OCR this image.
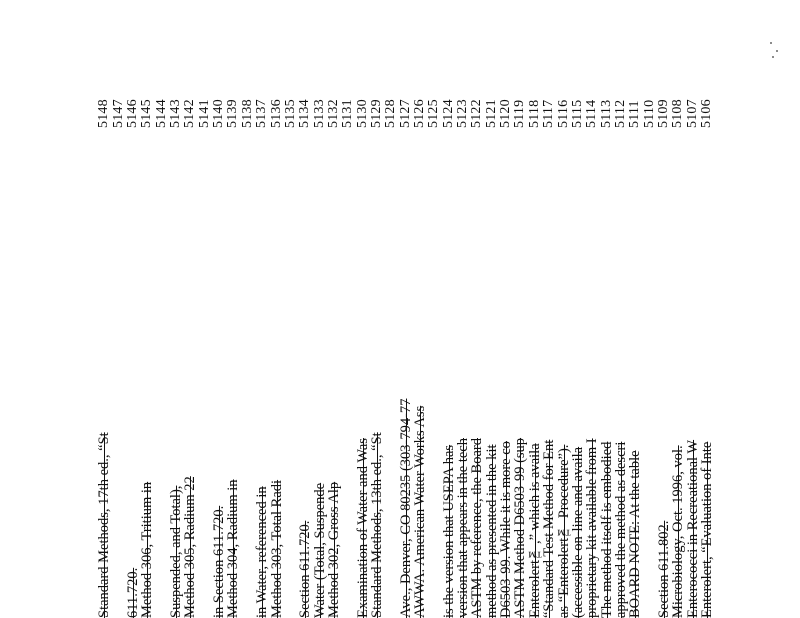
5106
5107
5108
5109
5110
5111
5112
5113
5114
5115
5116
5117
5118
5119
5120
5121
5122
5123
5124
5125
5126
5127
5128
5129
5130
5131
5132
5133
5134
5135
5136
5137
5138
5139
5140
5141
5142
5143
5144
5145
5146
5147
5148
Enterolert, “Evaluation of Inte
Enterococci in Recreational W
Microbiology, Oct. 1996, vol.
Section 611.802.
BOARD NOTE: At the table
approved the method as descri
The method itself is embodied
proprietary kit available from I
(accessible on-line and availa
as “Enterolert™ Procedure”).
“Standard Test Method for Ent
Enterolert™,” which is availa
ASTM Method D6503-99 (sup
D6503-99. While it is more co
method as presented in the kit
ASTM by reference, the Board
version that appears in the tech
is the version that USEPA has
AWWA. American Water Works Ass
Ave., Denver, CO 80235 (303-794-77
Standard Methods, 13th ed., “St
Examination of Water and Was
Method 302, Gross Alp
Water (Total, Suspende
Section 611.720.
Method 303, Total Radi
in Water, referenced in
Method 304, Radium in
in Section 611.720.
Method 305, Radium 22
Suspended, and Total),
Method 306, Tritium in
611.720.
Standard Methods, 17th ed., “St
